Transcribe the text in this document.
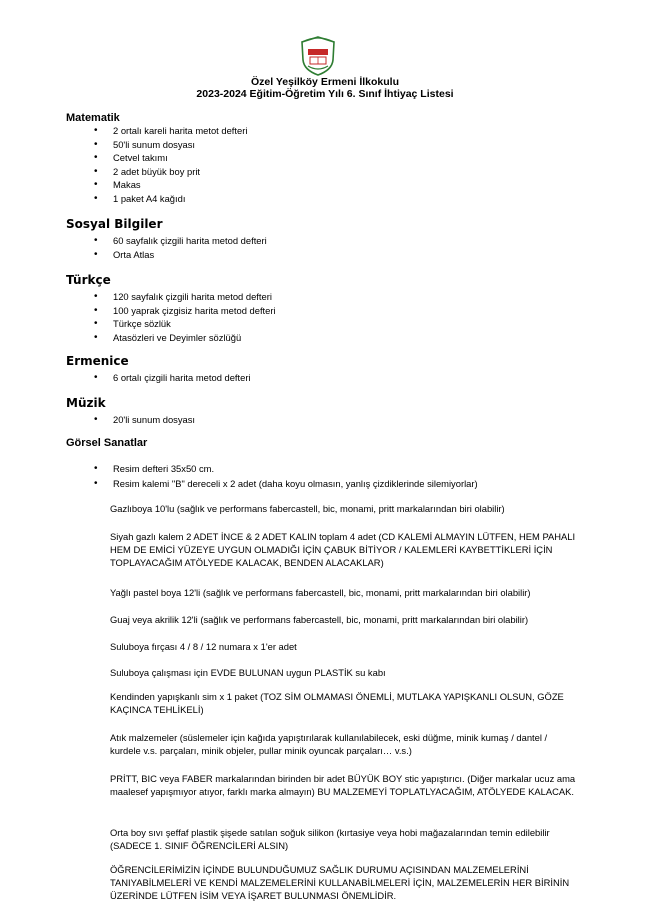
Özel Yeşilköy Ermeni İlkokulu
2023-2024 Eğitim-Öğretim Yılı 6. Sınıf İhtiyaç Listesi
Matematik
• 2 ortalı kareli harita metot defteri
• 50'li sunum dosyası
• Cetvel takımı
• 2 adet büyük boy prit
• Makas
• 1 paket A4 kağıdı
Sosyal Bilgiler
• 60 sayfalık çizgili harita metod defteri
• Orta Atlas
Türkçe
• 120 sayfalık çizgili harita metod defteri
• 100 yaprak çizgisiz harita metod defteri
• Türkçe sözlük
• Atasözleri ve Deyimler sözlüğü
Ermenice
• 6 ortalı çizgili harita metod defteri
Müzik
• 20'li sunum dosyası
Görsel Sanatlar
• Resim defteri 35x50 cm.
• Resim kalemi "B" dereceli x 2 adet (daha koyu olmasın, yanlış çizdiklerinde silemiyorlar)
Gazlıboya 10'lu (sağlık ve performans fabercastell, bic, monami, pritt markalarından biri olabilir)
Siyah gazlı kalem 2 ADET İNCE & 2 ADET KALIN toplam 4 adet (CD KALEMİ ALMAYIN LÜTFEN, HEM PAHALI HEM DE EMİCİ YÜZEYE UYGUN OLMADIĞI İÇİN ÇABUK BİTİYOR / KALEMLERİ KAYBETTİKLERİ İÇİN TOPLAYACAĞIM ATÖLYEDE KALACAK, BENDEN ALACAKLAR)
Yağlı pastel boya 12'li (sağlık ve performans fabercastell, bic, monami, pritt markalarından biri olabilir)
Guaj veya akrilik 12'li (sağlık ve performans fabercastell, bic, monami, pritt markalarından biri olabilir)
Suluboya fırçası 4 / 8 / 12 numara x 1'er adet
Suluboya çalışması için EVDE BULUNAN uygun PLASTİK su kabı
Kendinden yapışkanlı sim x 1 paket (TOZ SİM OLMAMASI ÖNEMLİ, MUTLAKA YAPIŞKANLI OLSUN, GÖZE KAÇINCA TEHLİKELİ)
Atık malzemeler (süslemeler için kağıda yapıştırılarak kullanılabilecek, eski düğme, minik kumaş / dantel / kurdele v.s. parçaları, minik objeler, pullar minik oyuncak parçaları… v.s.)
PRİTT, BIC veya FABER markalarından birinden bir adet BÜYÜK BOY stic yapıştırıcı. (Diğer markalar ucuz ama maalesef yapışmıyor atıyor, farklı marka almayın) BU MALZEMEYİ TOPLATLYACAĞIM, ATÖLYEDE KALACAK.
Orta boy sıvı şeffaf plastik şişede satılan soğuk silikon (kırtasiye veya hobi mağazalarından temin edilebilir (SADECE 1. SINIF ÖĞRENCİLERİ ALSIN)
ÖĞRENCİLERİMİZİN İÇİNDE BULUNDUĞUMUZ SAĞLIK DURUMU AÇISINDAN MALZEMELERİNİ TANIYABİLMELERİ VE KENDİ MALZEMELERİNİ KULLANABİLMELERİ İÇİN, MALZEMELERİN HER BİRİNİN ÜZERİNDE LÜTFEN İSİM VEYA İŞARET BULUNMASI ÖNEMLİDİR.
